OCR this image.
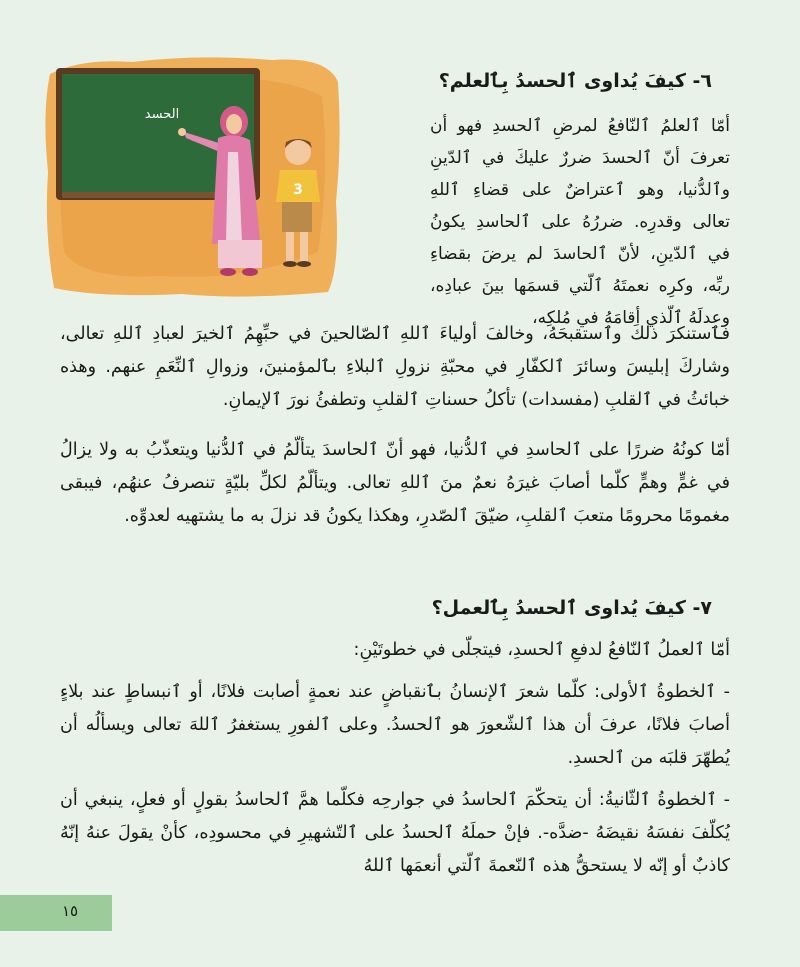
الحسد
3
٦- كيفَ يُداوى ٱلحسدُ بِٱلعلم؟

أمّا ٱلعلمُ ٱلنّافعُ لمرضِ ٱلحسدِ فهو أن تعرفَ أنّ ٱلحسدَ ضررٌ عليكَ في ٱلدّينِ وٱلدُّنيا، وهو ٱعتراضٌ على قضاءِ ٱللهِ تعالى وقدرِه. ضررُهُ على ٱلحاسدِ يكونُ في ٱلدّينِ، لأنّ ٱلحاسدَ لم يرضَ بقضاءِ ربِّه، وكرِه نعمتَهُ ٱلّتي قسمَها بينَ عبادِه، وعدلَهُ ٱلّذي أقامَهُ في مُلكِه،

فٱستنكرَ ذلكَ وٱستقبحَهُ، وخالفَ أولياءَ ٱللهِ ٱلصّالحينَ في حبِّهِمُ ٱلخيرَ لعبادِ ٱللهِ تعالى، وشاركَ إبليسَ وسائرَ ٱلكفّارِ في محبّةِ نزولِ ٱلبلاءِ بٱلمؤمنينَ، وزوالِ ٱلنِّعَمِ عنهم. وهذه خبائثُ في ٱلقلبِ (مفسدات) تأكلُ حسناتِ ٱلقلبِ وتطفئُ نورَ ٱلإيمانِ.

أمّا كونُهُ ضررًا على ٱلحاسدِ في ٱلدُّنيا، فهو أنّ ٱلحاسدَ يتألّمُ في ٱلدُّنيا ويتعذّبُ به ولا يزالُ في غمٍّ وهمٍّ كلّما أصابَ غيرَهُ نعمٌ منَ ٱللهِ تعالى. ويتألّمُ لكلِّ بليّةٍ تنصرفُ عنهُم، فيبقى مغمومًا محرومًا متعبَ ٱلقلبِ، ضيّقَ ٱلصّدرِ، وهكذا يكونُ قد نزلَ به ما يشتهيه لعدوِّه.

٧- كيفَ يُداوى ٱلحسدُ بِٱلعمل؟

أمّا ٱلعملُ ٱلنّافعُ لدفعِ ٱلحسدِ، فيتجلّى في خطوتَيْنِ:

- ٱلخطوةُ ٱلأولى: كلّما شعرَ ٱلإنسانُ بٱنقباضٍ عند نعمةٍ أصابت فلانًا، أو ٱنبساطٍ عند بلاءٍ أصابَ فلانًا، عرفَ أن هذا ٱلشّعورَ هو ٱلحسدُ. وعلى ٱلفورِ يستغفرُ ٱللهَ تعالى ويسألُه أن يُطهّرَ قلبَه من ٱلحسدِ.

- ٱلخطوةُ ٱلثّانيةُ: أن يتحكّمَ ٱلحاسدُ في جوارحِه فكلّما همَّ ٱلحاسدُ بقولٍ أو فعلٍ، ينبغي أن يُكلّفَ نفسَهُ نقيضَهُ -ضدَّه-. فإنْ حملَهُ ٱلحسدُ على ٱلتّشهيرِ في محسودِه، كأنْ يقولَ عنهُ إنّهُ كاذبٌ أو إنّه لا يستحقُّ هذه ٱلنّعمةَ ٱلّتي أنعمَها ٱللهُ

١٥
